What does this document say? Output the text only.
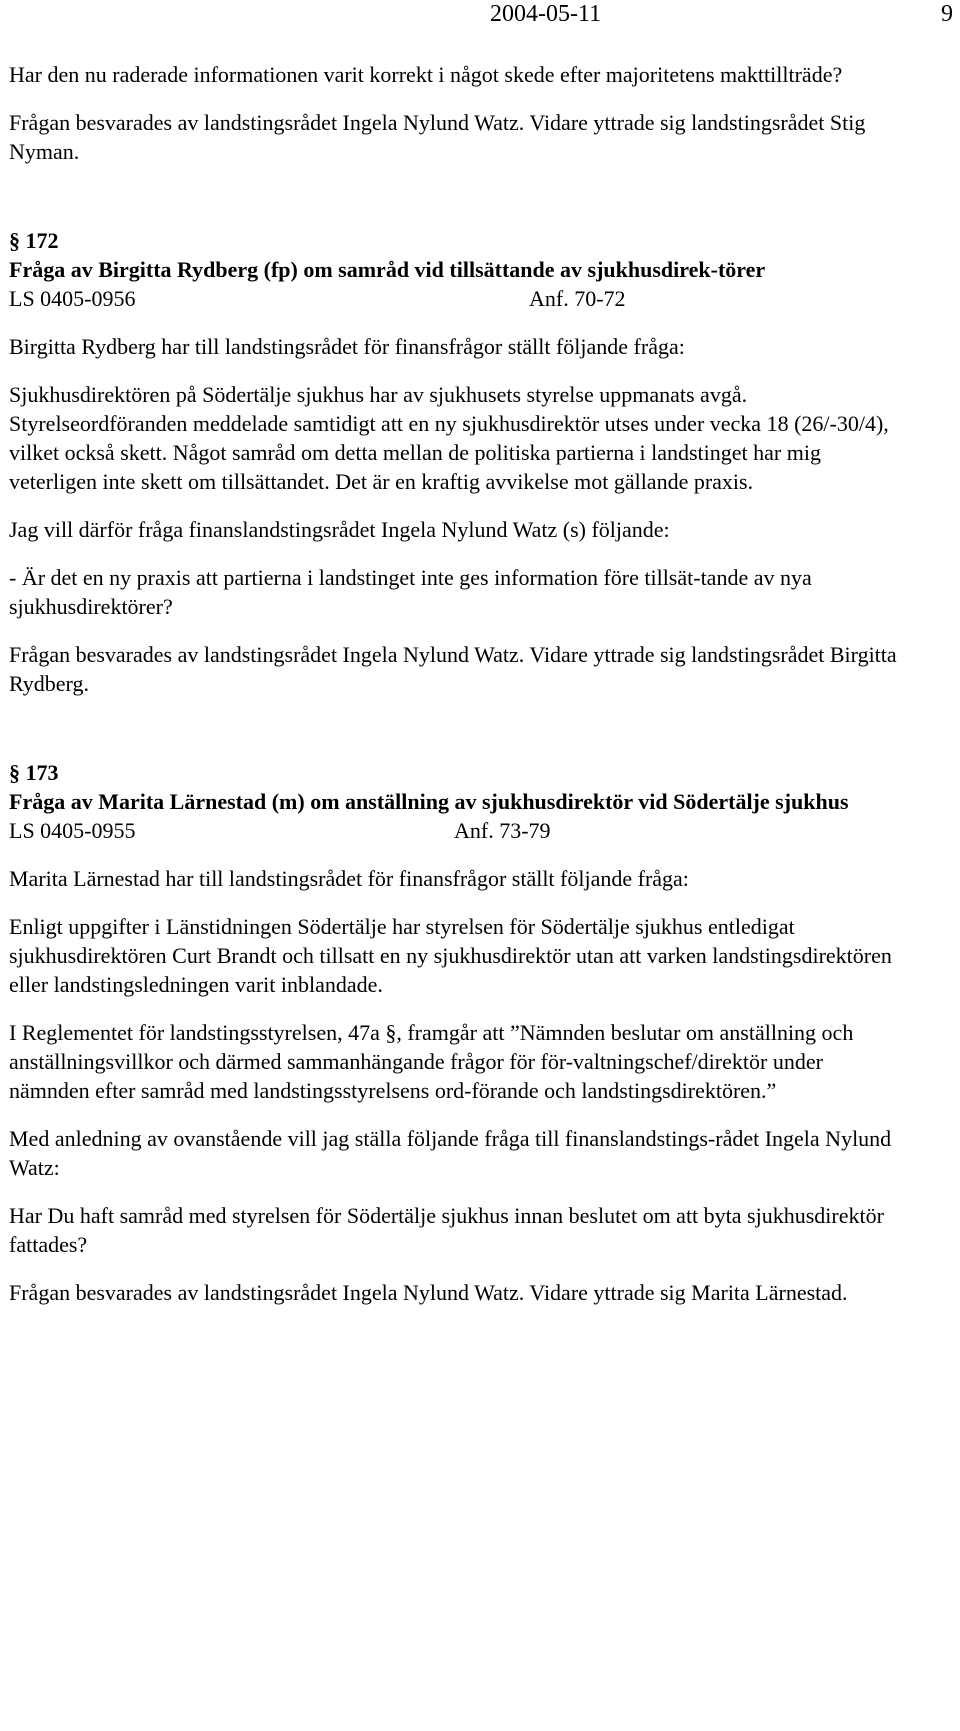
2004-05-11	9

Har den nu raderade informationen varit korrekt i något skede efter majoritetens makttillträde?

Frågan besvarades av landstingsrådet Ingela Nylund Watz. Vidare yttrade sig landstingsrådet Stig Nyman.

§ 172

Fråga av Birgitta Rydberg (fp) om samråd vid tillsättande av sjukhusdirek-törer

LS 0405-0956	Anf. 70-72

Birgitta Rydberg har till landstingsrådet för finansfrågor ställt följande fråga:

Sjukhusdirektören på Södertälje sjukhus har av sjukhusets styrelse uppmanats avgå. Styrelseordföranden meddelade samtidigt att en ny sjukhusdirektör utses under vecka 18 (26/-30/4), vilket också skett. Något samråd om detta mellan de politiska partierna i landstinget har mig veterligen inte skett om tillsättandet. Det är en kraftig avvikelse mot gällande praxis.

Jag vill därför fråga finanslandstingsrådet Ingela Nylund Watz (s) följande:

- Är det en ny praxis att partierna i landstinget inte ges information före tillsät-tande av nya sjukhusdirektörer?

Frågan besvarades av landstingsrådet Ingela Nylund Watz. Vidare yttrade sig landstingsrådet Birgitta Rydberg.

§ 173

Fråga av Marita Lärnestad (m) om anställning av sjukhusdirektör vid Södertälje sjukhus

LS 0405-0955	Anf. 73-79

Marita Lärnestad har till landstingsrådet för finansfrågor ställt följande fråga:

Enligt uppgifter i Länstidningen Södertälje har styrelsen för Södertälje sjukhus entledigat sjukhusdirektören Curt Brandt och tillsatt en ny sjukhusdirektör utan att varken landstingsdirektören eller landstingsledningen varit inblandade.

I Reglementet för landstingsstyrelsen, 47a §, framgår att ”Nämnden beslutar om anställning och anställningsvillkor och därmed sammanhängande frågor för för-valtningschef/direktör under nämnden efter samråd med landstingsstyrelsens ord-förande och landstingsdirektören.”

Med anledning av ovanstående vill jag ställa följande fråga till finanslandstings-rådet Ingela Nylund Watz:

Har Du haft samråd med styrelsen för Södertälje sjukhus innan beslutet om att byta sjukhusdirektör fattades?

Frågan besvarades av landstingsrådet Ingela Nylund Watz. Vidare yttrade sig Marita Lärnestad.
